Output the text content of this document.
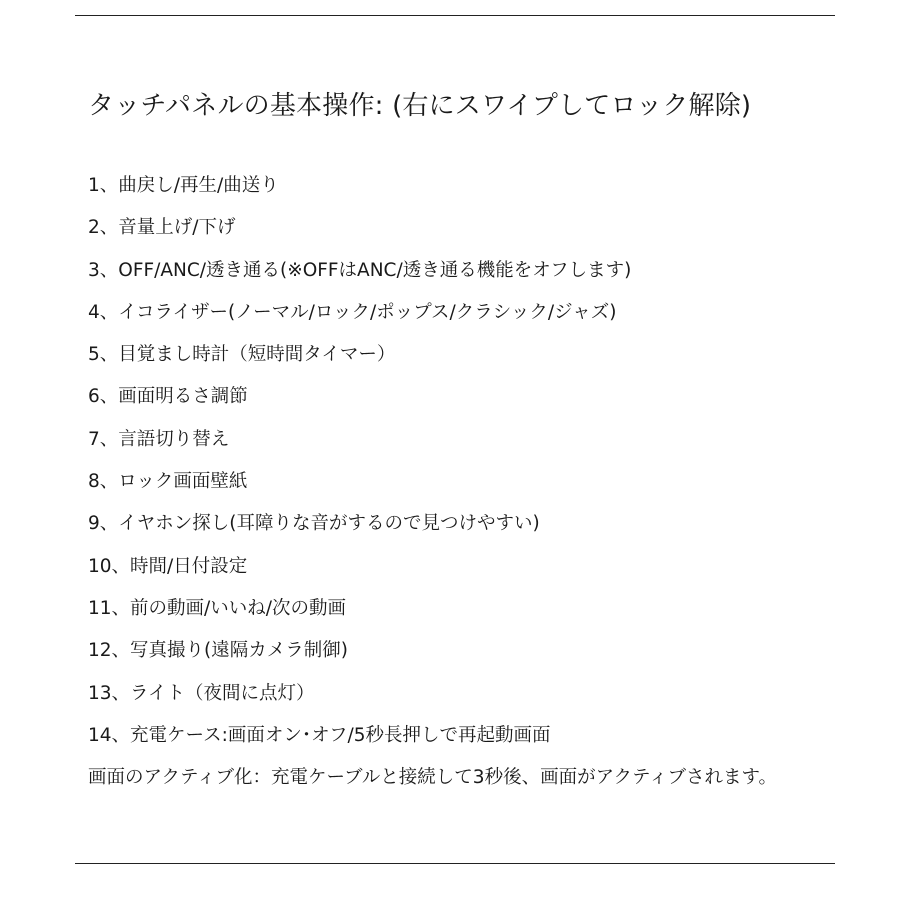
タッチパネルの基本操作: (右にスワイプしてロック解除)
1、曲戻し/再生/曲送り
2、音量上げ/下げ
3、OFF/ANC/透き通る(※OFFはANC/透き通る機能をオフします)
4、イコライザー(ノーマル/ロック/ポップス/クラシック/ジャズ)
5、目覚まし時計（短時間タイマー）
6、画面明るさ調節
7、言語切り替え
8、ロック画面壁紙
9、イヤホン探し(耳障りな音がするので見つけやすい)
10、時間/日付設定
11、前の動画/いいね/次の動画
12、写真撮り(遠隔カメラ制御)
13、ライト（夜間に点灯）
14、充電ケース:画面オン･オフ/5秒長押しで再起動画面
画面のアクティブ化：充電ケーブルと接続して3秒後、画面がアクティブされます。
